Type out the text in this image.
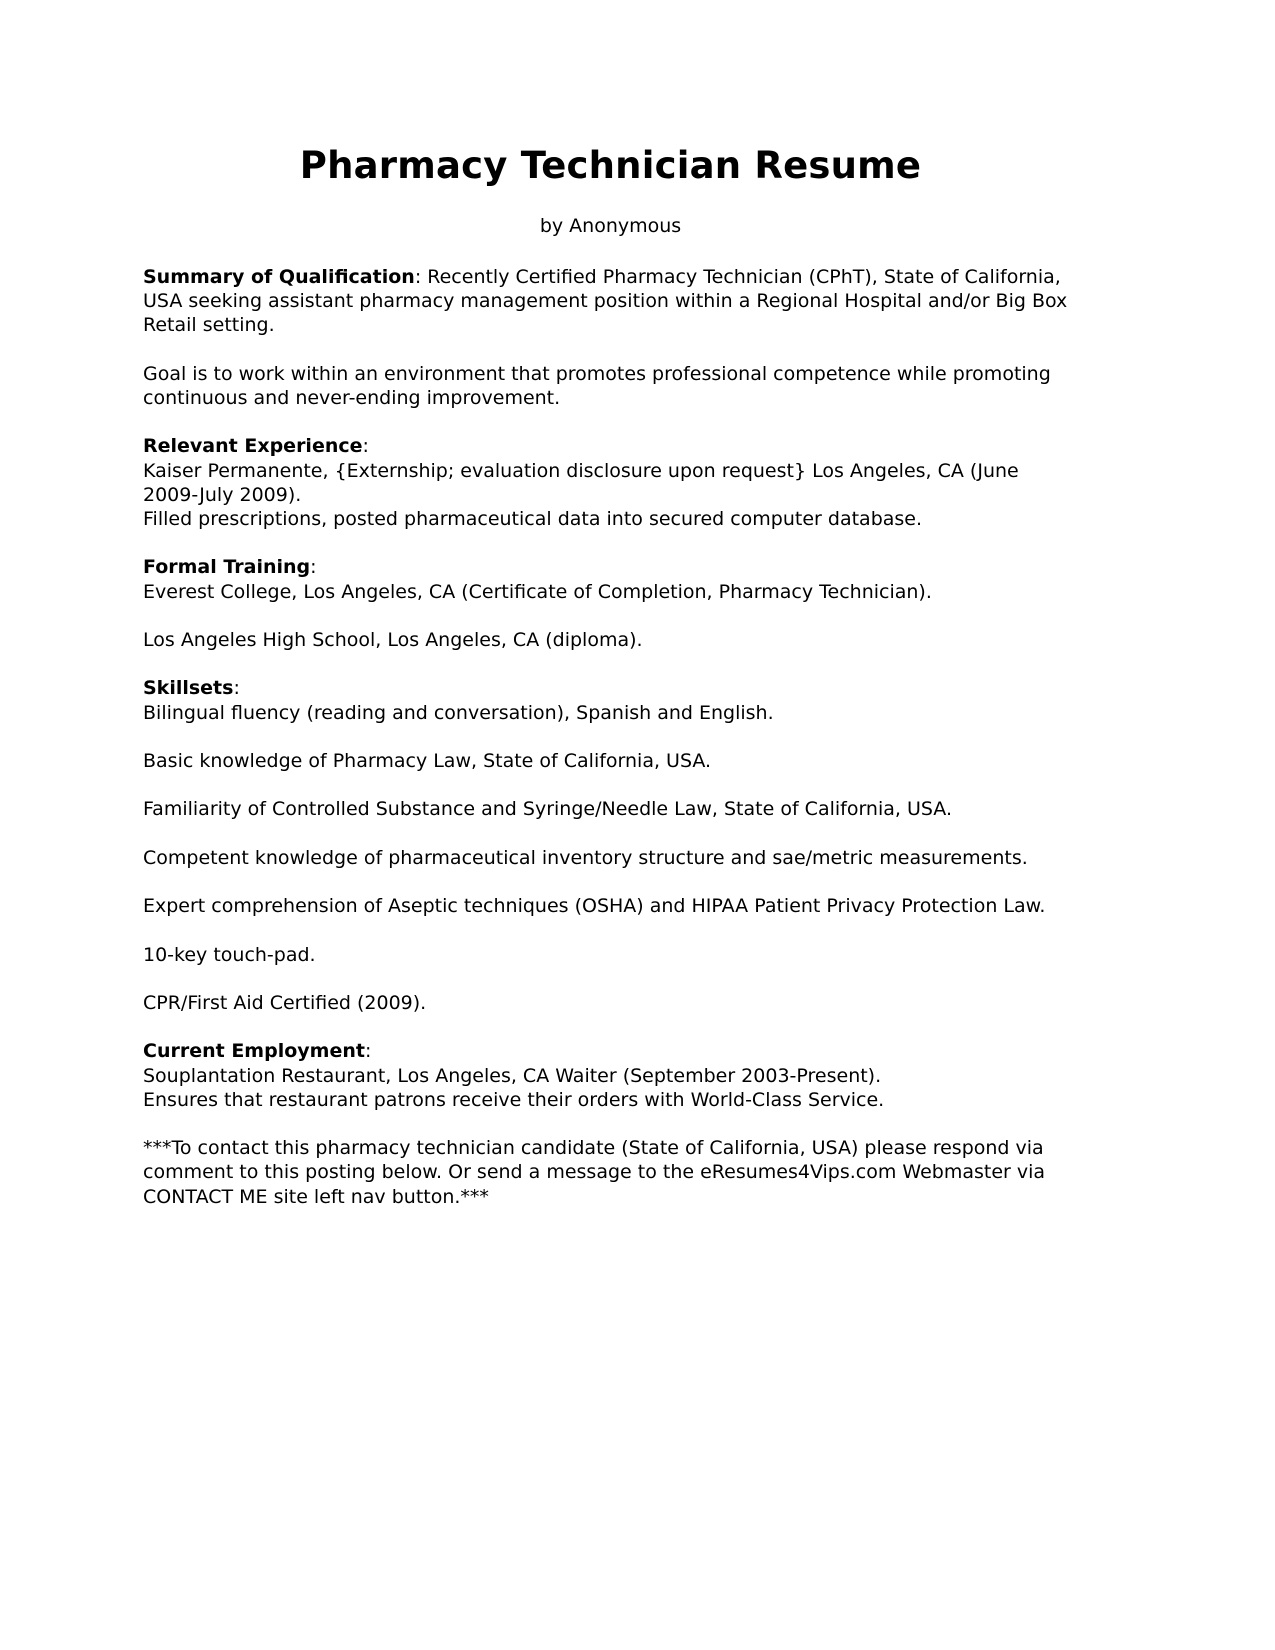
Pharmacy Technician Resume
by Anonymous

Summary of Qualification: Recently Certified Pharmacy Technician (CPhT), State of California, USA seeking assistant pharmacy management position within a Regional Hospital and/or Big Box Retail setting.

Goal is to work within an environment that promotes professional competence while promoting continuous and never-ending improvement.

Relevant Experience:
Kaiser Permanente, {Externship; evaluation disclosure upon request} Los Angeles, CA (June 2009-July 2009).
Filled prescriptions, posted pharmaceutical data into secured computer database.

Formal Training:
Everest College, Los Angeles, CA (Certificate of Completion, Pharmacy Technician).

Los Angeles High School, Los Angeles, CA (diploma).

Skillsets:
Bilingual fluency (reading and conversation), Spanish and English.

Basic knowledge of Pharmacy Law, State of California, USA.

Familiarity of Controlled Substance and Syringe/Needle Law, State of California, USA.

Competent knowledge of pharmaceutical inventory structure and sae/metric measurements.

Expert comprehension of Aseptic techniques (OSHA) and HIPAA Patient Privacy Protection Law.

10-key touch-pad.

CPR/First Aid Certified (2009).

Current Employment:
Souplantation Restaurant, Los Angeles, CA Waiter (September 2003-Present).
Ensures that restaurant patrons receive their orders with World-Class Service.

***To contact this pharmacy technician candidate (State of California, USA) please respond via comment to this posting below. Or send a message to the eResumes4Vips.com Webmaster via CONTACT ME site left nav button.***
